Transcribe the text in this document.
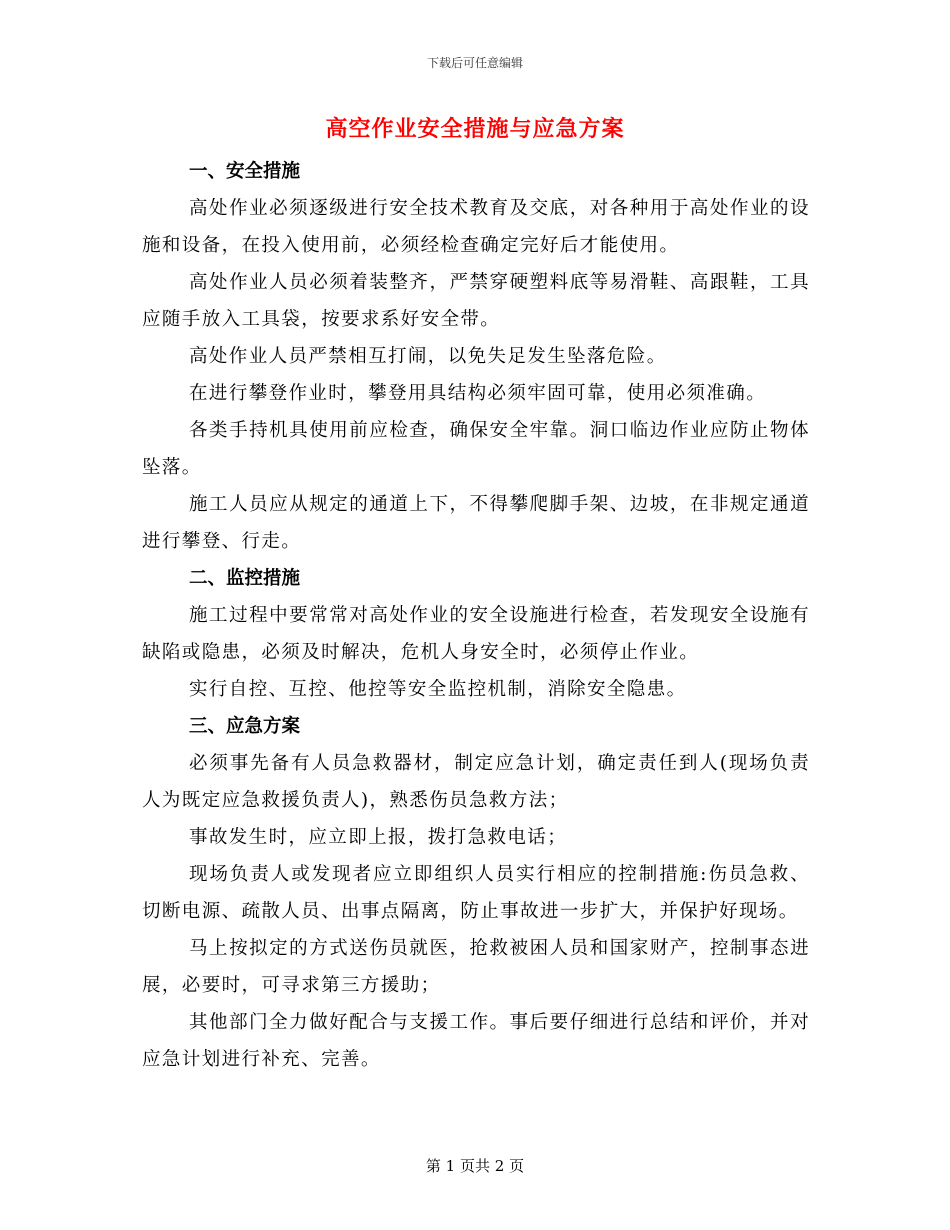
下载后可任意编辑
高空作业安全措施与应急方案
一、安全措施

高处作业必须逐级进行安全技术教育及交底，对各种用于高处作业的设施和设备，在投入使用前，必须经检查确定完好后才能使用。

高处作业人员必须着装整齐，严禁穿硬塑料底等易滑鞋、高跟鞋，工具应随手放入工具袋，按要求系好安全带。

高处作业人员严禁相互打闹，以免失足发生坠落危险。

在进行攀登作业时，攀登用具结构必须牢固可靠，使用必须准确。

各类手持机具使用前应检查，确保安全牢靠。洞口临边作业应防止物体坠落。

施工人员应从规定的通道上下，不得攀爬脚手架、边坡，在非规定通道进行攀登、行走。

二、监控措施

施工过程中要常常对高处作业的安全设施进行检查，若发现安全设施有缺陷或隐患，必须及时解决，危机人身安全时，必须停止作业。

实行自控、互控、他控等安全监控机制，消除安全隐患。

三、应急方案

必须事先备有人员急救器材，制定应急计划，确定责任到人(现场负责人为既定应急救援负责人)，熟悉伤员急救方法；

事故发生时，应立即上报，拨打急救电话；

现场负责人或发现者应立即组织人员实行相应的控制措施:伤员急救、切断电源、疏散人员、出事点隔离，防止事故进一步扩大，并保护好现场。

马上按拟定的方式送伤员就医，抢救被困人员和国家财产，控制事态进展，必要时，可寻求第三方援助；

其他部门全力做好配合与支援工作。事后要仔细进行总结和评价，并对应急计划进行补充、完善。

第 1 页共 2 页
